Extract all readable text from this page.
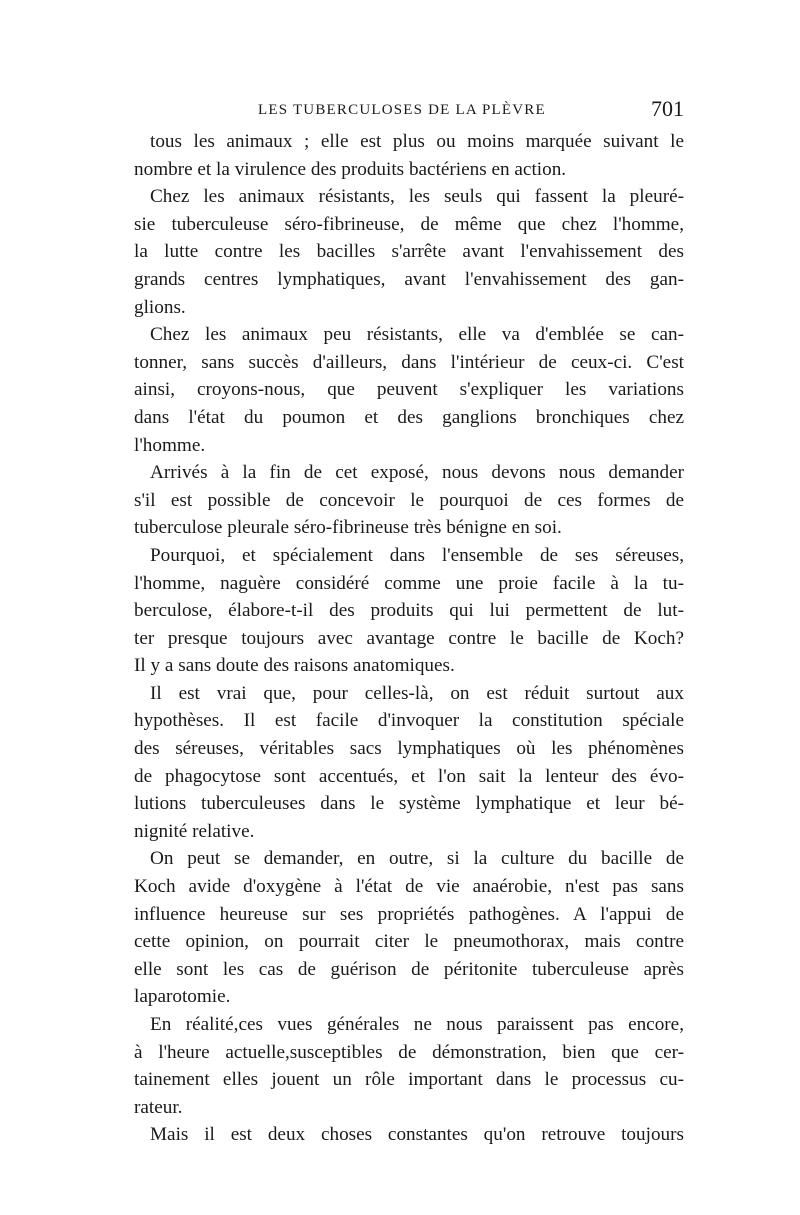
LES TUBERCULOSES DE LA PLÈVRE	701
tous les animaux ; elle est plus ou moins marquée suivant le
nombre et la virulence des produits bactériens en action.
Chez les animaux résistants, les seuls qui fassent la pleuré-
sie tuberculeuse séro-fibrineuse, de même que chez l'homme,
la lutte contre les bacilles s'arrête avant l'envahissement des
grands centres lymphatiques, avant l'envahissement des gan-
glions.
Chez les animaux peu résistants, elle va d'emblée se can-
tonner, sans succès d'ailleurs, dans l'intérieur de ceux-ci. C'est
ainsi, croyons-nous, que peuvent s'expliquer les variations
dans l'état du poumon et des ganglions bronchiques chez
l'homme.
Arrivés à la fin de cet exposé, nous devons nous demander
s'il est possible de concevoir le pourquoi de ces formes de
tuberculose pleurale séro-fibrineuse très bénigne en soi.
Pourquoi, et spécialement dans l'ensemble de ses séreuses,
l'homme, naguère considéré comme une proie facile à la tu-
berculose, élabore-t-il des produits qui lui permettent de lut-
ter presque toujours avec avantage contre le bacille de Koch?
Il y a sans doute des raisons anatomiques.
Il est vrai que, pour celles-là, on est réduit surtout aux
hypothèses. Il est facile d'invoquer la constitution spéciale
des séreuses, véritables sacs lymphatiques où les phénomènes
de phagocytose sont accentués, et l'on sait la lenteur des évo-
lutions tuberculeuses dans le système lymphatique et leur bé-
nignité relative.
On peut se demander, en outre, si la culture du bacille de
Koch avide d'oxygène à l'état de vie anaérobie, n'est pas sans
influence heureuse sur ses propriétés pathogènes. A l'appui de
cette opinion, on pourrait citer le pneumothorax, mais contre
elle sont les cas de guérison de péritonite tuberculeuse après
laparotomie.
En réalité,ces vues générales ne nous paraissent pas encore,
à l'heure actuelle,susceptibles de démonstration, bien que cer-
tainement elles jouent un rôle important dans le processus cu-
rateur.
Mais il est deux choses constantes qu'on retrouve toujours
